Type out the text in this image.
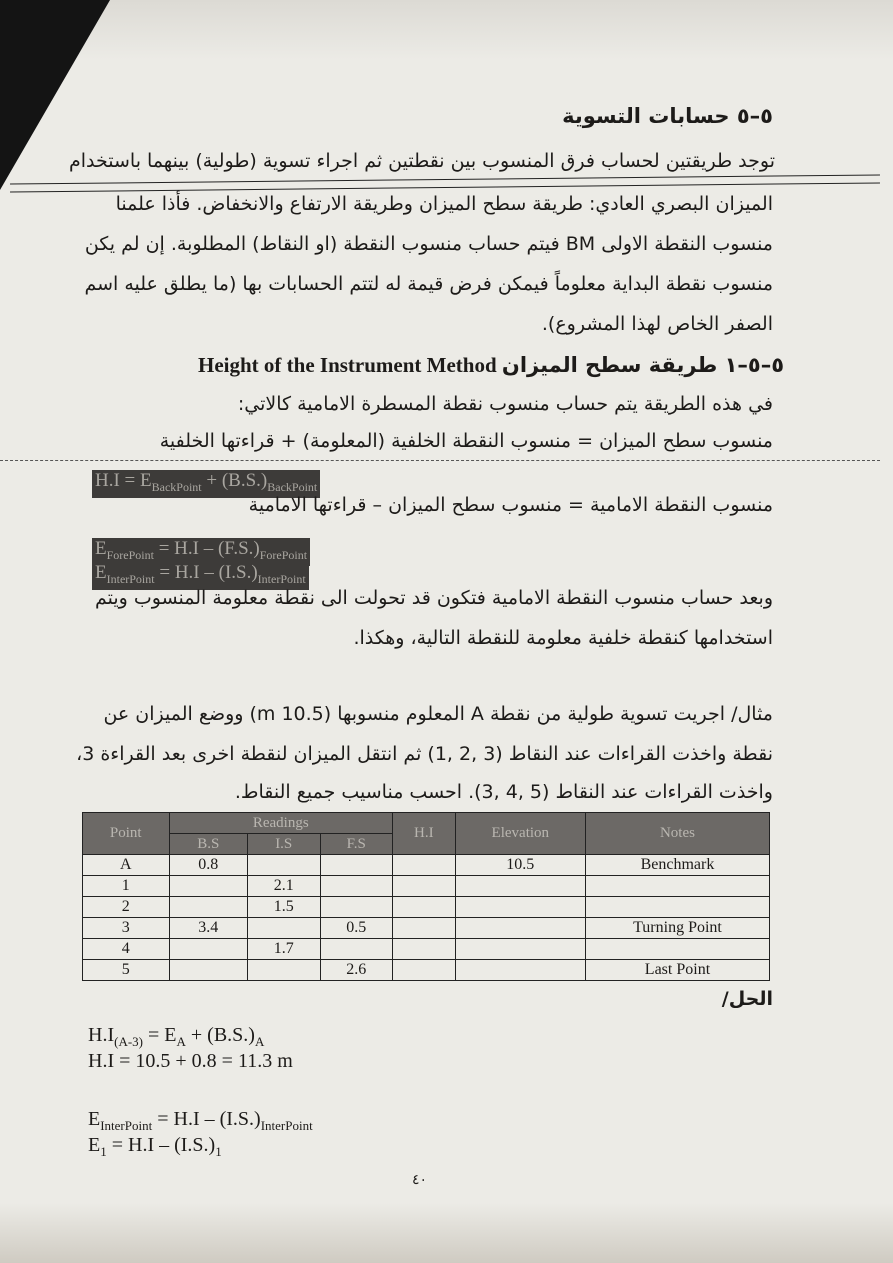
٥–٥ حسابات التسوية
توجد طريقتين لحساب فرق المنسوب بين نقطتين ثم اجراء تسوية (طولية) بينهما باستخدام
الميزان البصري العادي: طريقة سطح الميزان وطريقة الارتفاع والانخفاض. فأذا علمنا
منسوب النقطة الاولى BM فيتم حساب منسوب النقطة (او النقاط) المطلوبة. إن لم يكن
منسوب نقطة البداية معلوماً فيمكن فرض قيمة له لتتم الحسابات بها (ما يطلق عليه اسم
الصفر الخاص لهذا المشروع).
Height of the Instrument Method ٥–٥–١ طريقة سطح الميزان
في هذه الطريقة يتم حساب منسوب نقطة المسطرة الامامية كالاتي:
منسوب سطح الميزان = منسوب النقطة الخلفية (المعلومة) + قراءتها الخلفية
$H.I = E_{BackPoint} + (B.S.)_{BackPoint}$
منسوب النقطة الامامية = منسوب سطح الميزان – قراءتها الامامية
$E_{ForePoint} = H.I - (F.S.)_{ForePoint}$
$E_{InterPoint} = H.I - (I.S.)_{InterPoint}$
وبعد حساب منسوب النقطة الامامية فتكون قد تحولت الى نقطة معلومة المنسوب ويتم
استخدامها كنقطة خلفية معلومة للنقطة التالية، وهكذا.
مثال/ اجريت تسوية طولية من نقطة A المعلوم منسوبها (10.5 m) ووضع الميزان عن
نقطة واخذت القراءات عند النقاط (3 ,2 ,1) ثم انتقل الميزان لنقطة اخرى بعد القراءة 3،
واخذت القراءات عند النقاط (5 ,4 ,3). احسب مناسيب جميع النقاط.
Point	Readings			H.I	Elevation	Notes
	B.S	I.S	F.S			
A	0.8				10.5	Benchmark
1		2.1				
2		1.5				
3	3.4		0.5			Turning Point
4		1.7				
5			2.6			Last Point
الحل/
$H.I_{(A-3)} = E_A + (B.S.)_A$
H.I = 10.5 + 0.8 = 11.3 m
$E_{InterPoint} = H.I - (I.S.)_{InterPoint}$
$E_1 = H.I - (I.S.)_1$
٤٠
